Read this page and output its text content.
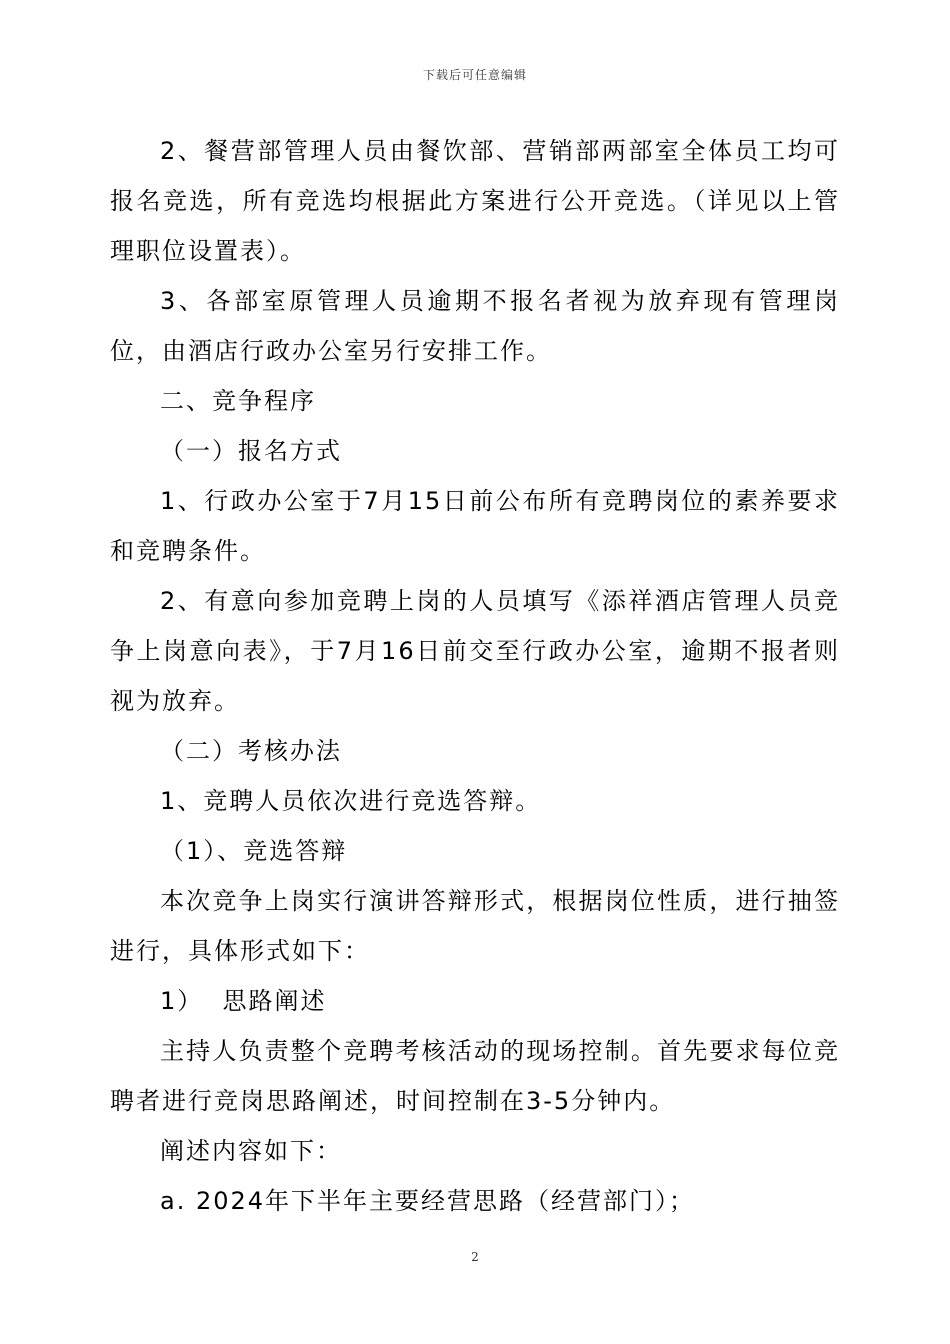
下载后可任意编辑

2、餐营部管理人员由餐饮部、营销部两部室全体员工均可报名竞选，所有竞选均根据此方案进行公开竞选。（详见以上管理职位设置表）。

3、各部室原管理人员逾期不报名者视为放弃现有管理岗位，由酒店行政办公室另行安排工作。

二、竞争程序

（一）报名方式

1、行政办公室于7月15日前公布所有竞聘岗位的素养要求和竞聘条件。

2、有意向参加竞聘上岗的人员填写《添祥酒店管理人员竞争上岗意向表》，于7月16日前交至行政办公室，逾期不报者则视为放弃。

（二）考核办法

1、竞聘人员依次进行竞选答辩。

（1）、竞选答辩

本次竞争上岗实行演讲答辩形式，根据岗位性质，进行抽签进行，具体形式如下：

1）  思路阐述

主持人负责整个竞聘考核活动的现场控制。首先要求每位竞聘者进行竞岗思路阐述，时间控制在3-5分钟内。

阐述内容如下：

a. 2024年下半年主要经营思路（经营部门）；

2
